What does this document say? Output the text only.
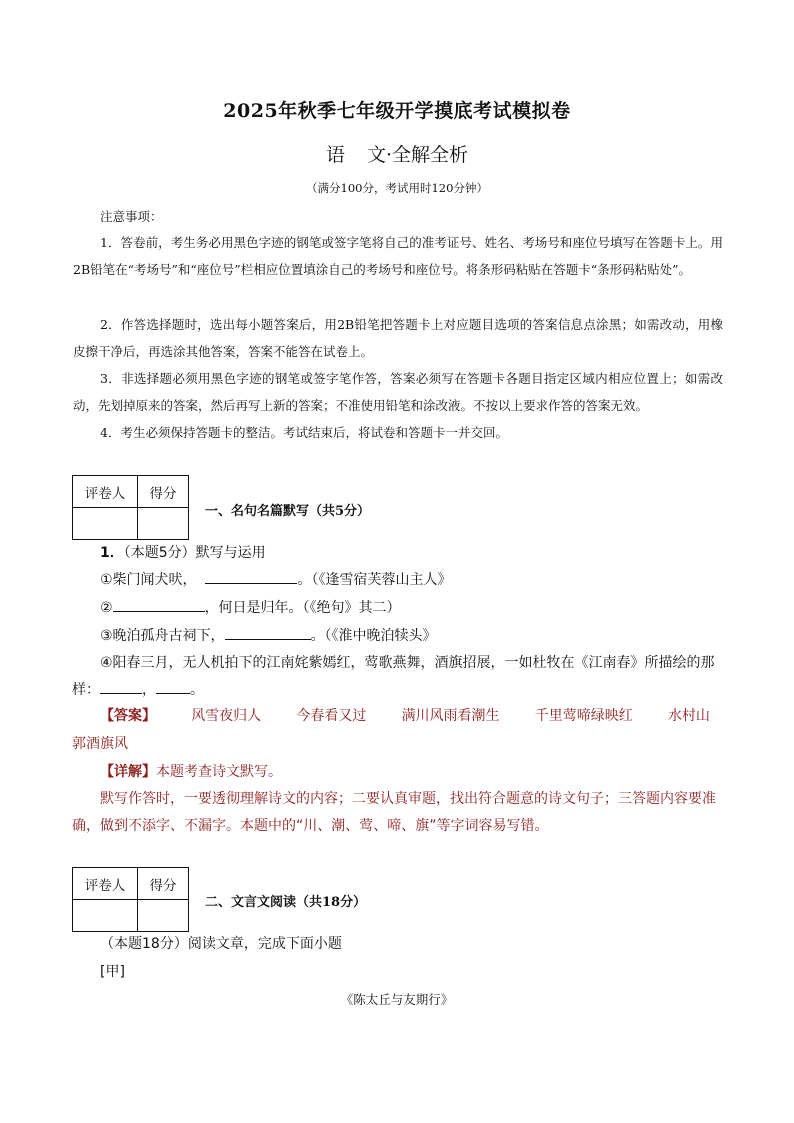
2025年秋季七年级开学摸底考试模拟卷
语 文·全解全析
（满分100分，考试用时120分钟）
注意事项：
1．答卷前，考生务必用黑色字迹的钢笔或签字笔将自己的准考证号、姓名、考场号和座位号填写在答题卡上。用2B铅笔在“考场号”和“座位号”栏相应位置填涂自己的考场号和座位号。将条形码粘贴在答题卡“条形码粘贴处”。
2．作答选择题时，选出每小题答案后，用2B铅笔把答题卡上对应题目选项的答案信息点涂黑；如需改动，用橡皮擦干净后，再选涂其他答案，答案不能答在试卷上。
3．非选择题必须用黑色字迹的钢笔或签字笔作答，答案必须写在答题卡各题目指定区域内相应位置上；如需改动，先划掉原来的答案，然后再写上新的答案；不准使用铅笔和涂改液。不按以上要求作答的答案无效。
4．考生必须保持答题卡的整洁。考试结束后，将试卷和答题卡一并交回。
评卷人	得分

一、名句名篇默写（共5分）
1．（本题5分）默写与运用
①柴门闻犬吠，	。（《逢雪宿芙蓉山主人》
②	，何日是归年。（《绝句》其二）
③晚泊孤舟古祠下，	。（《淮中晚泊犊头》
④阳春三月，无人机拍下的江南姹紫嫣红，莺歌燕舞，酒旗招展，一如杜牧在《江南春》所描绘的那
样：	， 。
【答案】	风雪夜归人	今春看又过	满川风雨看潮生	千里莺啼绿映红	水村山
郭酒旗风
【详解】本题考查诗文默写。
默写作答时，一要透彻理解诗文的内容；二要认真审题，找出符合题意的诗文句子；三答题内容要准
确，做到不添字、不漏字。本题中的“川、潮、莺、啼、旗”等字词容易写错。
评卷人	得分

二、文言文阅读（共18分）
（本题18分）阅读文章，完成下面小题
[甲]
《陈太丘与友期行》
